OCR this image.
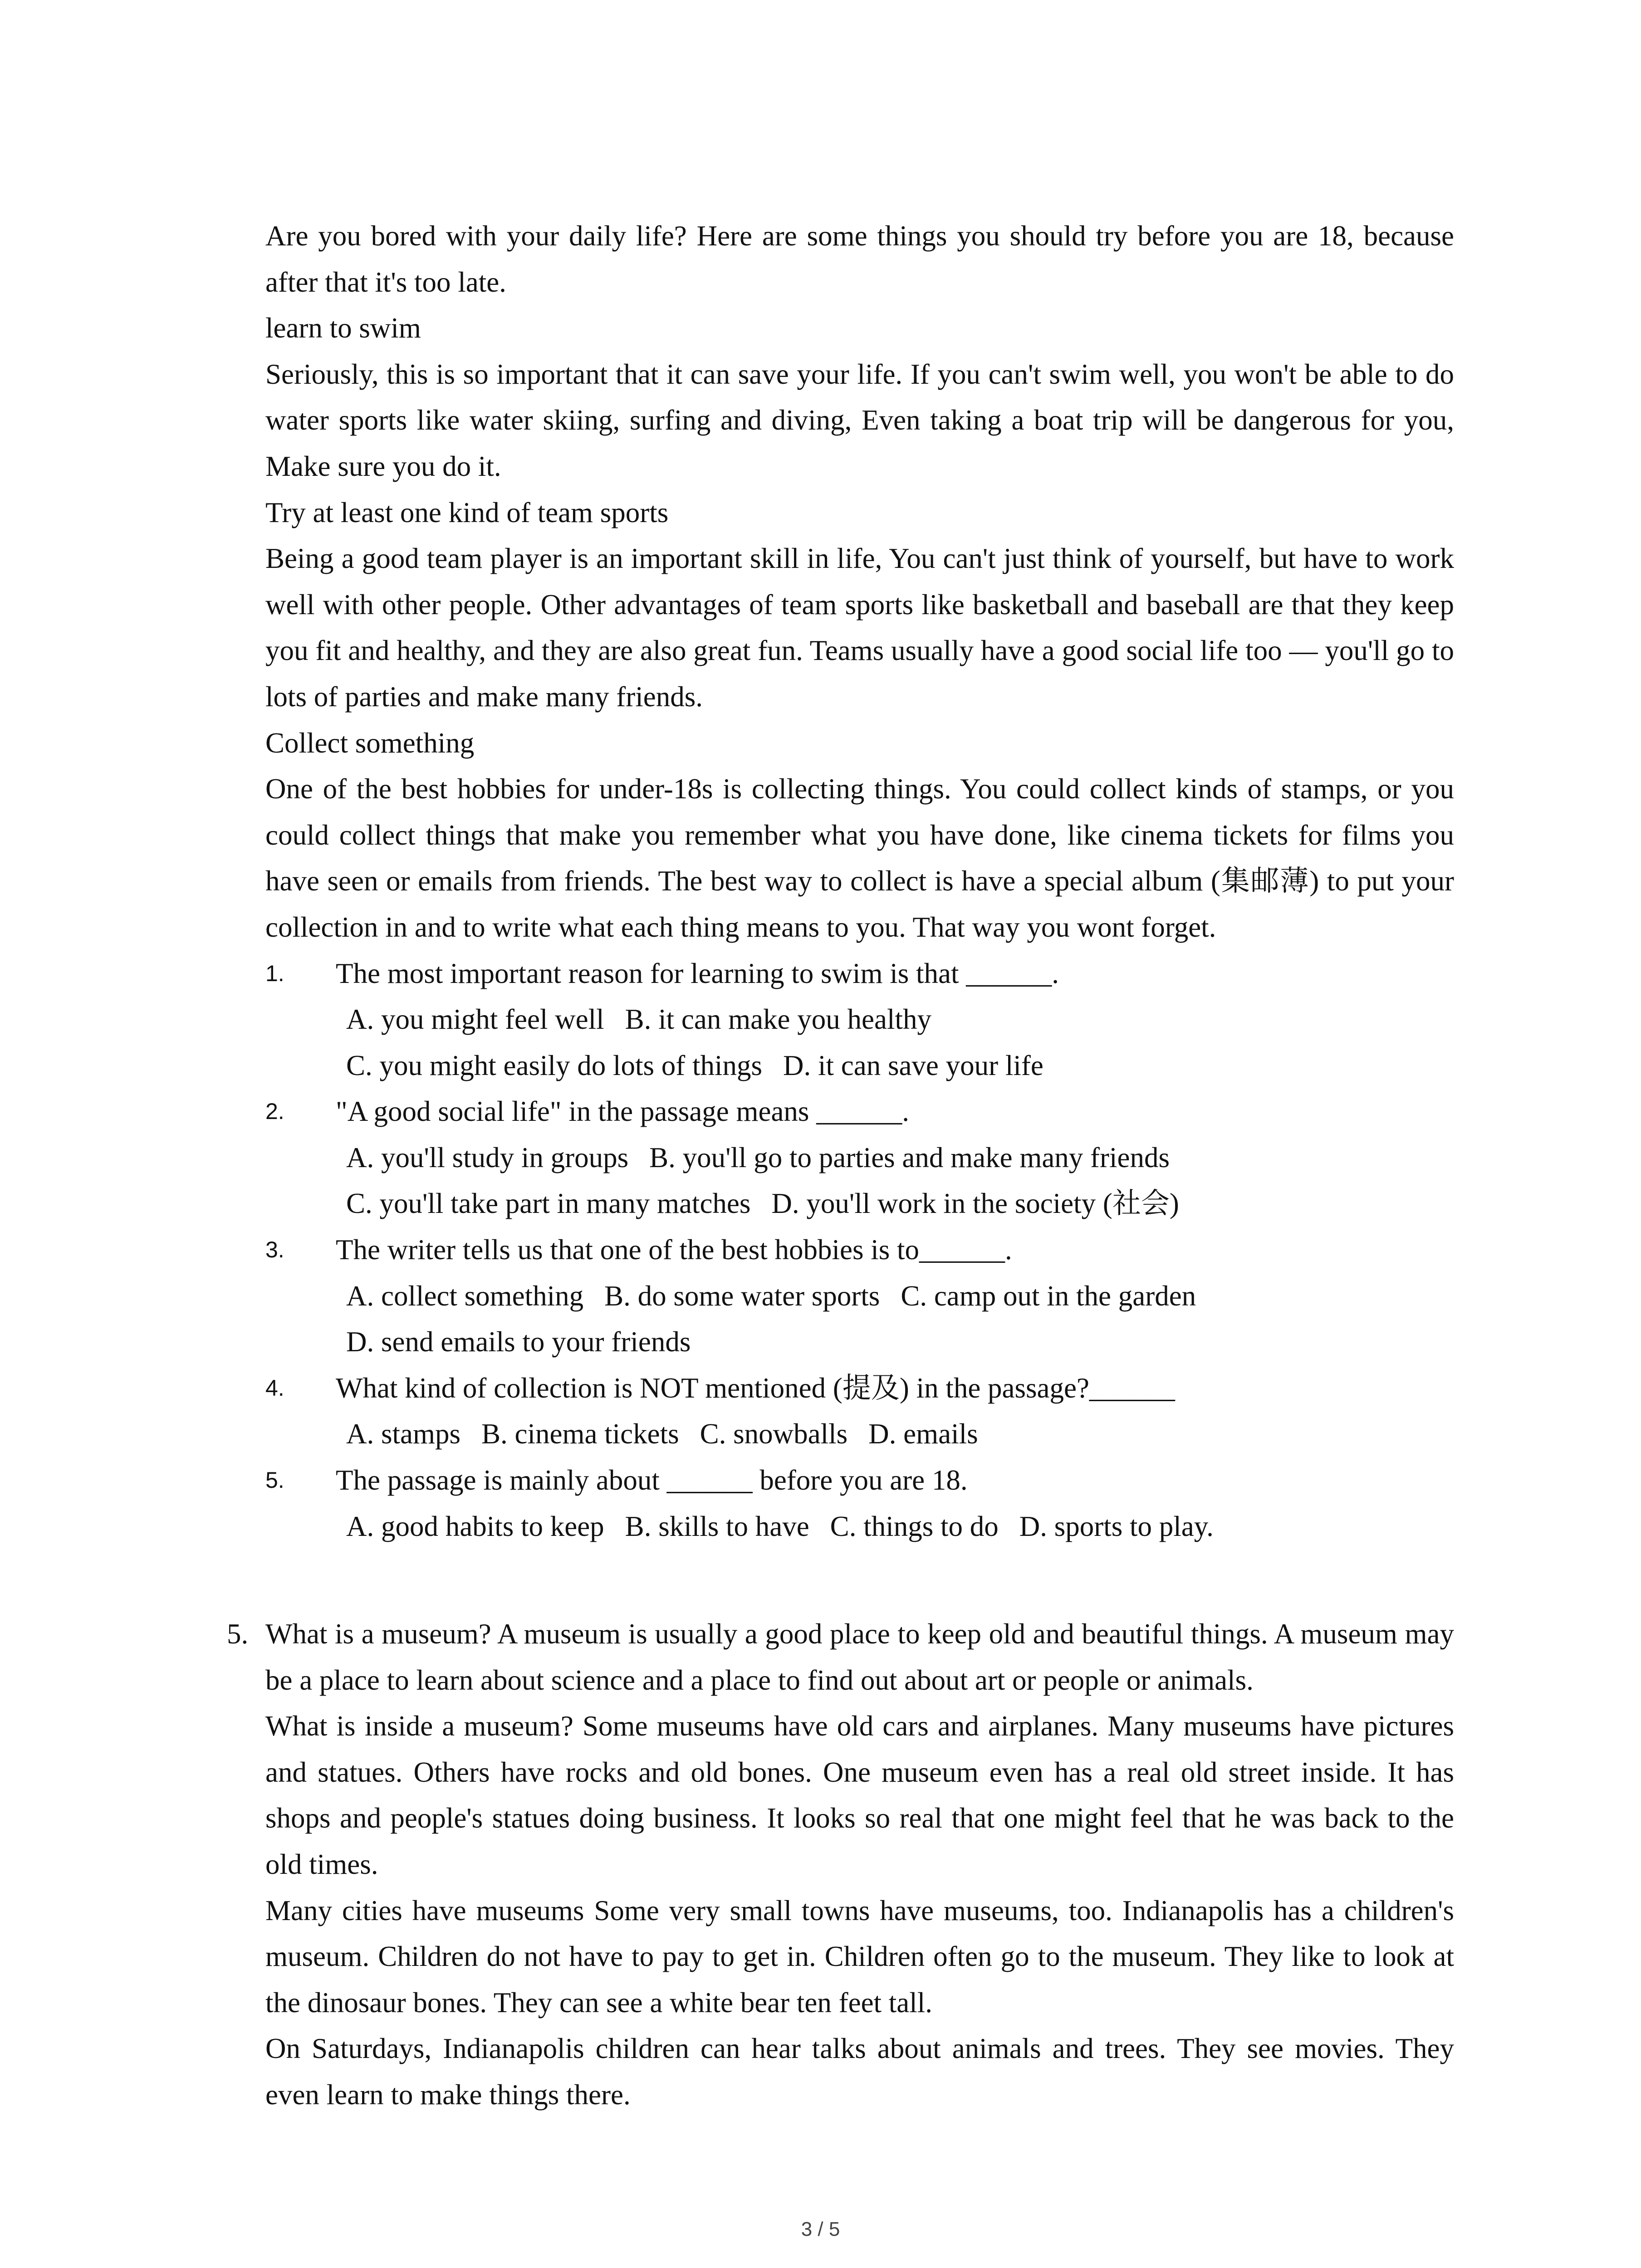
Are you bored with your daily life? Here are some things you should try before you are 18, because after that it's too late.

learn to swim

Seriously, this is so important that it can save your life. If you can't swim well, you won't be able to do water sports like water skiing, surfing and diving, Even taking a boat trip will be dangerous for you, Make sure you do it.

Try at least one kind of team sports

Being a good team player is an important skill in life, You can't just think of yourself, but have to work well with other people. Other advantages of team sports like basketball and baseball are that they keep you fit and healthy, and they are also great fun. Teams usually have a good social life too — you'll go to lots of parties and make many friends.

Collect something

One of the best hobbies for under-18s is collecting things. You could collect kinds of stamps, or you could collect things that make you remember what you have done, like cinema tickets for films you have seen or emails from friends. The best way to collect is have a special album (集邮薄) to put your collection in and to write what each thing means to you. That way you wont forget.

1. The most important reason for learning to swim is that ______.
A. you might feel well B. it can make you healthy
C. you might easily do lots of things D. it can save your life
2. "A good social life" in the passage means ______.
A. you'll study in groups B. you'll go to parties and make many friends
C. you'll take part in many matches D. you'll work in the society (社会)
3. The writer tells us that one of the best hobbies is to______.
A. collect something B. do some water sports C. camp out in the garden
D. send emails to your friends
4. What kind of collection is NOT mentioned (提及) in the passage?______
A. stamps B. cinema tickets C. snowballs D. emails
5. The passage is mainly about ______ before you are 18.
A. good habits to keep B. skills to have C. things to do D. sports to play.

5. What is a museum? A museum is usually a good place to keep old and beautiful things. A museum may be a place to learn about science and a place to find out about art or people or animals.

What is inside a museum? Some museums have old cars and airplanes. Many museums have pictures and statues. Others have rocks and old bones. One museum even has a real old street inside. It has shops and people's statues doing business. It looks so real that one might feel that he was back to the old times.

Many cities have museums Some very small towns have museums, too. Indianapolis has a children's museum. Children do not have to pay to get in. Children often go to the museum. They like to look at the dinosaur bones. They can see a white bear ten feet tall.

On Saturdays, Indianapolis children can hear talks about animals and trees. They see movies. They even learn to make things there.

3 / 5
